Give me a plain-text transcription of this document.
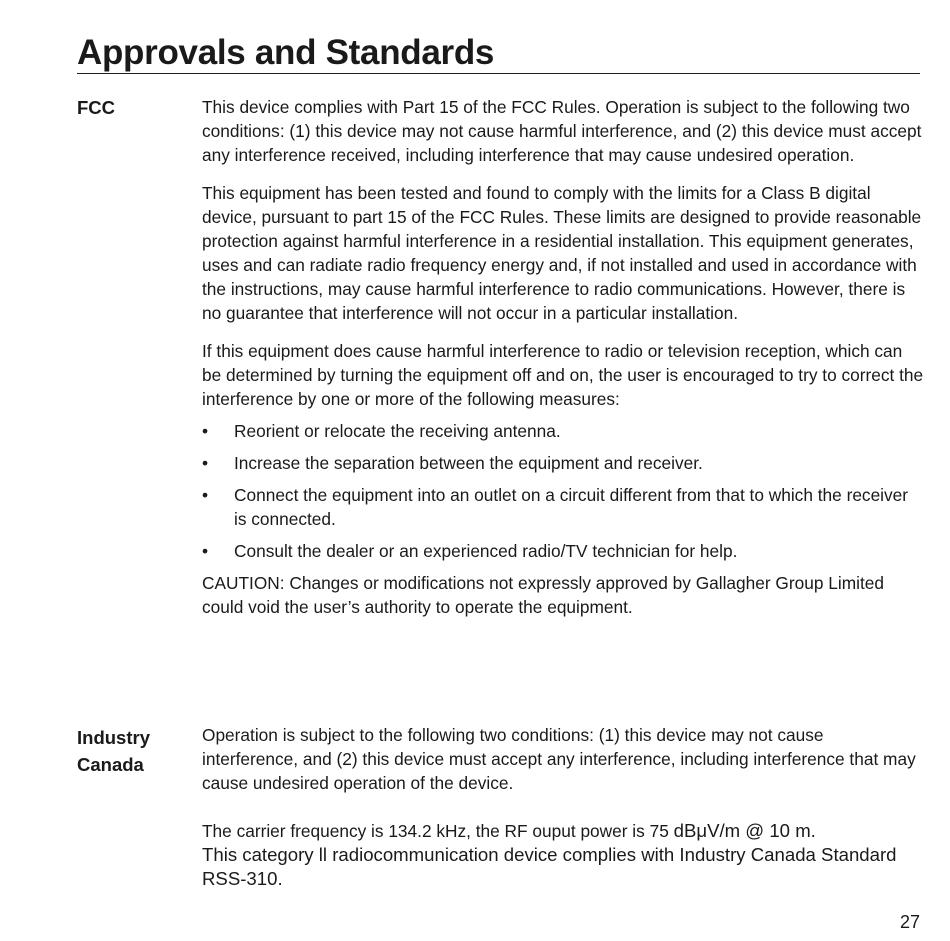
Approvals and Standards
FCC	This device complies with Part 15 of the FCC Rules. Operation is subject to the following two conditions: (1) this device may not cause harmful interference, and (2) this device must accept any interference received, including interference that may cause undesired operation.

This equipment has been tested and found to comply with the limits for a Class B digital device, pursuant to part 15 of the FCC Rules. These limits are designed to provide reasonable protection against harmful interference in a residential installation. This equipment generates, uses and can radiate radio frequency energy and, if not installed and used in accordance with the instructions, may cause harmful interference to radio communications. However, there is no guarantee that interference will not occur in a particular installation.

If this equipment does cause harmful interference to radio or television reception, which can be determined by turning the equipment off and on, the user is encouraged to try to correct the interference by one or more of the following measures:

• Reorient or relocate the receiving antenna.
• Increase the separation between the equipment and receiver.
• Connect the equipment into an outlet on a circuit different from that to which the receiver is connected.
• Consult the dealer or an experienced radio/TV technician for help.

CAUTION: Changes or modifications not expressly approved by Gallagher Group Limited could void the user’s authority to operate the equipment.

Industry
Canada

Operation is subject to the following two conditions: (1) this device may not cause interference, and (2) this device must accept any interference, including interference that may cause undesired operation of the device.

The carrier frequency is 134.2 kHz, the RF ouput power is 75 dBμV/m @ 10 m.
This category ll radiocommunication device complies with Industry Canada Standard RSS-310.

27
